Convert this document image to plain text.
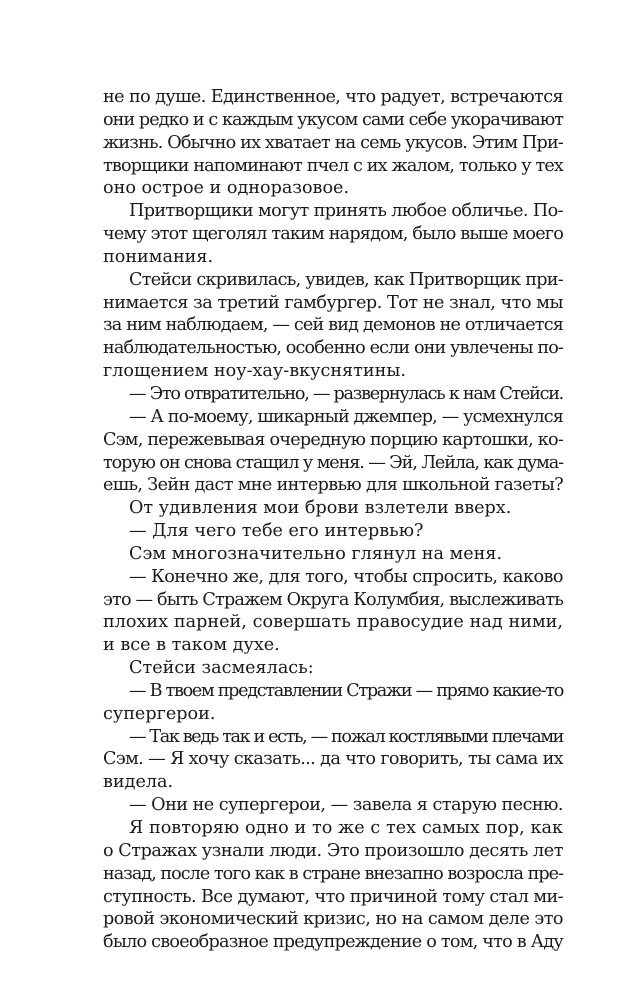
не по душе. Единственное, что радует, встречаются
они редко и с каждым укусом сами себе укорачивают
жизнь. Обычно их хватает на семь укусов. Этим При-
творщики напоминают пчел с их жалом, только у тех
оно острое и одноразовое.
Притворщики могут принять любое обличье. По-
чему этот щеголял таким нарядом, было выше моего
понимания.
Стейси скривилась, увидев, как Притворщик при-
нимается за третий гамбургер. Тот не знал, что мы
за ним наблюдаем, — сей вид демонов не отличается
наблюдательностью, особенно если они увлечены по-
глощением ноу-хау-вкуснятины.
— Это отвратительно, — развернулась к нам Стейси.
— А по-моему, шикарный джемпер, — усмехнулся
Сэм, пережевывая очередную порцию картошки, ко-
торую он снова стащил у меня. — Эй, Лейла, как дума-
ешь, Зейн даст мне интервью для школьной газеты?
От удивления мои брови взлетели вверх.
— Для чего тебе его интервью?
Сэм многозначительно глянул на меня.
— Конечно же, для того, чтобы спросить, каково
это — быть Стражем Округа Колумбия, выслеживать
плохих парней, совершать правосудие над ними,
и все в таком духе.
Стейси засмеялась:
— В твоем представлении Стражи — прямо какие-то
супергерои.
— Так ведь так и есть, — пожал костлявыми плечами
Сэм. — Я хочу сказать... да что говорить, ты сама их
видела.
— Они не супергерои, — завела я старую песню.
Я повторяю одно и то же с тех самых пор, как
о Стражах узнали люди. Это произошло десять лет
назад, после того как в стране внезапно возросла пре-
ступность. Все думают, что причиной тому стал ми-
ровой экономический кризис, но на самом деле это
было своеобразное предупреждение о том, что в Аду
